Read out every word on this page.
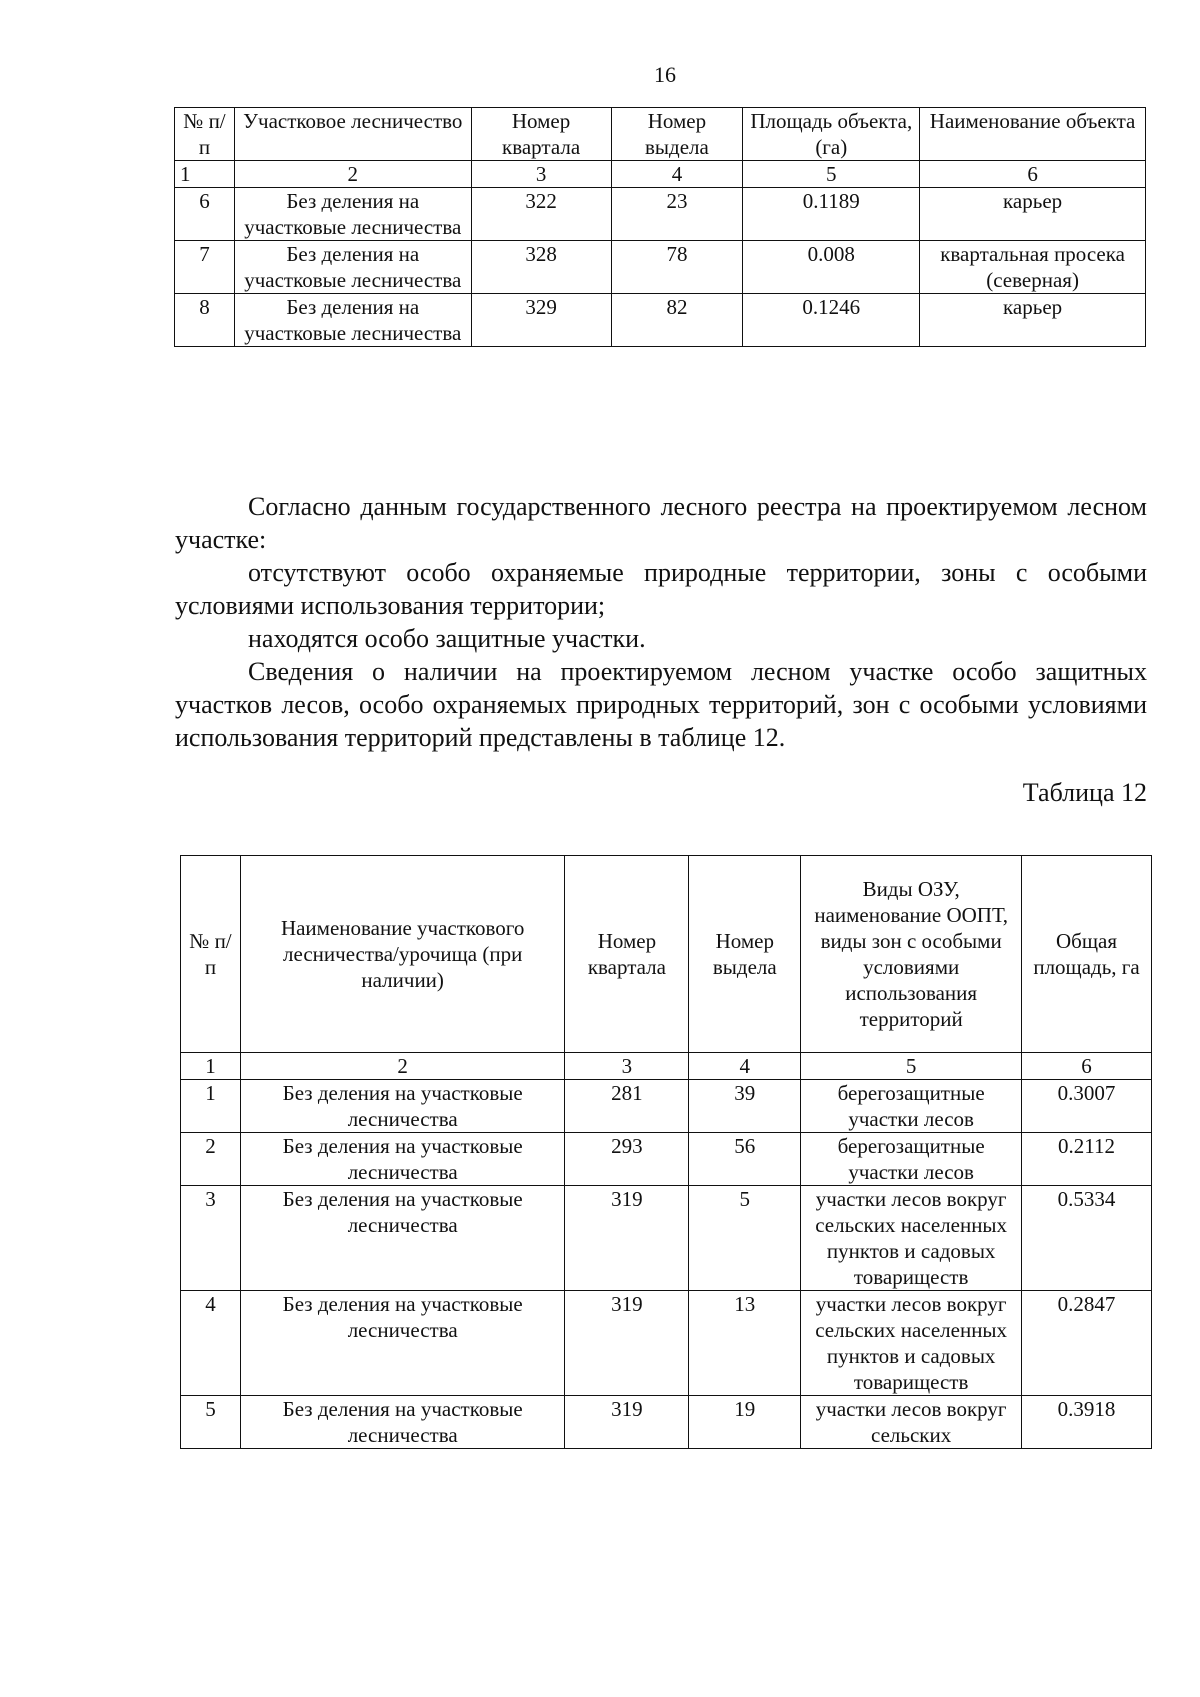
16
№ п/п	Участковое лесничество	Номер квартала	Номер выдела	Площадь объекта, (га)	Наименование объекта
1	2	3	4	5	6
6	Без деления на участковые лесничества	322	23	0.1189	карьер
7	Без деления на участковые лесничества	328	78	0.008	квартальная просека (северная)
8	Без деления на участковые лесничества	329	82	0.1246	карьер

Согласно данным государственного лесного реестра на проектируемом лесном участке:

отсутствуют особо охраняемые природные территории, зоны с особыми условиями использования территории;

находятся особо защитные участки.

Сведения о наличии на проектируемом лесном участке особо защитных участков лесов, особо охраняемых природных территорий, зон с особыми условиями использования территорий представлены в таблице 12.

Таблица 12
№ п/п	Наименование участкового лесничества/урочища (при наличии)	Номер квартала	Номер выдела	Виды ОЗУ, наименование ООПТ, виды зон с особыми условиями использования территорий	Общая площадь, га
1	2	3	4	5	6
1	Без деления на участковые лесничества	281	39	берегозащитные участки лесов	0.3007
2	Без деления на участковые лесничества	293	56	берегозащитные участки лесов	0.2112
3	Без деления на участковые лесничества	319	5	участки лесов вокруг сельских населенных пунктов и садовых товариществ	0.5334
4	Без деления на участковые лесничества	319	13	участки лесов вокруг сельских населенных пунктов и садовых товариществ	0.2847
5	Без деления на участковые лесничества	319	19	участки лесов вокруг сельских	0.3918
